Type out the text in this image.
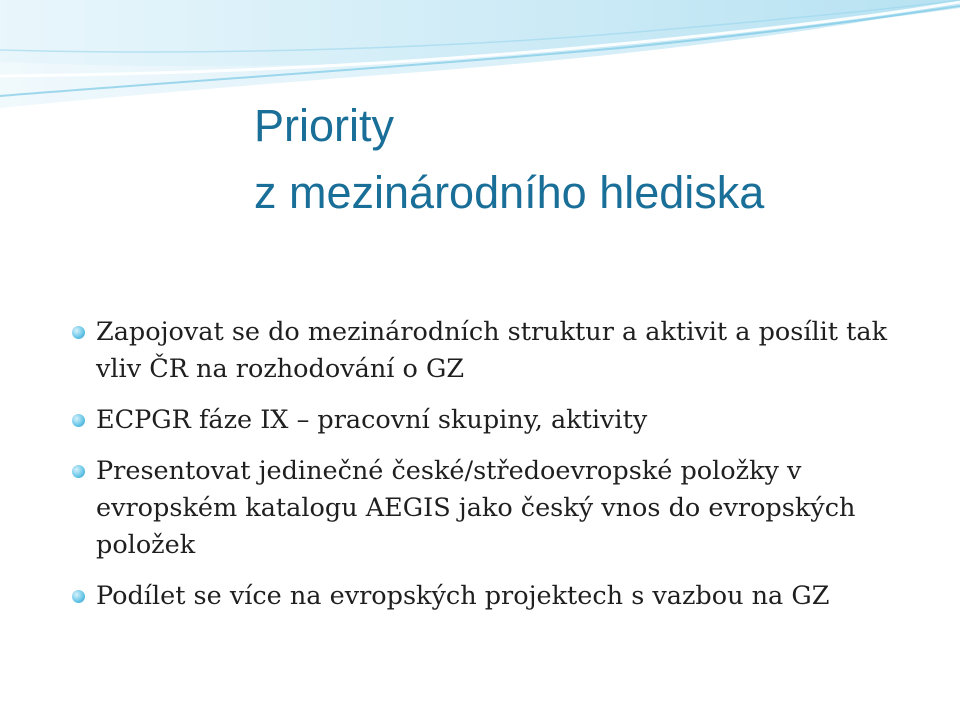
Priority
z mezinárodního hlediska
Zapojovat se do mezinárodních struktur a aktivit a posílit tak vliv ČR na rozhodování o GZ
ECPGR fáze IX – pracovní skupiny, aktivity
Presentovat jedinečné české/středoevropské položky v evropském katalogu AEGIS jako český vnos do evropských položek
Podílet se více na evropských projektech s vazbou na GZ
